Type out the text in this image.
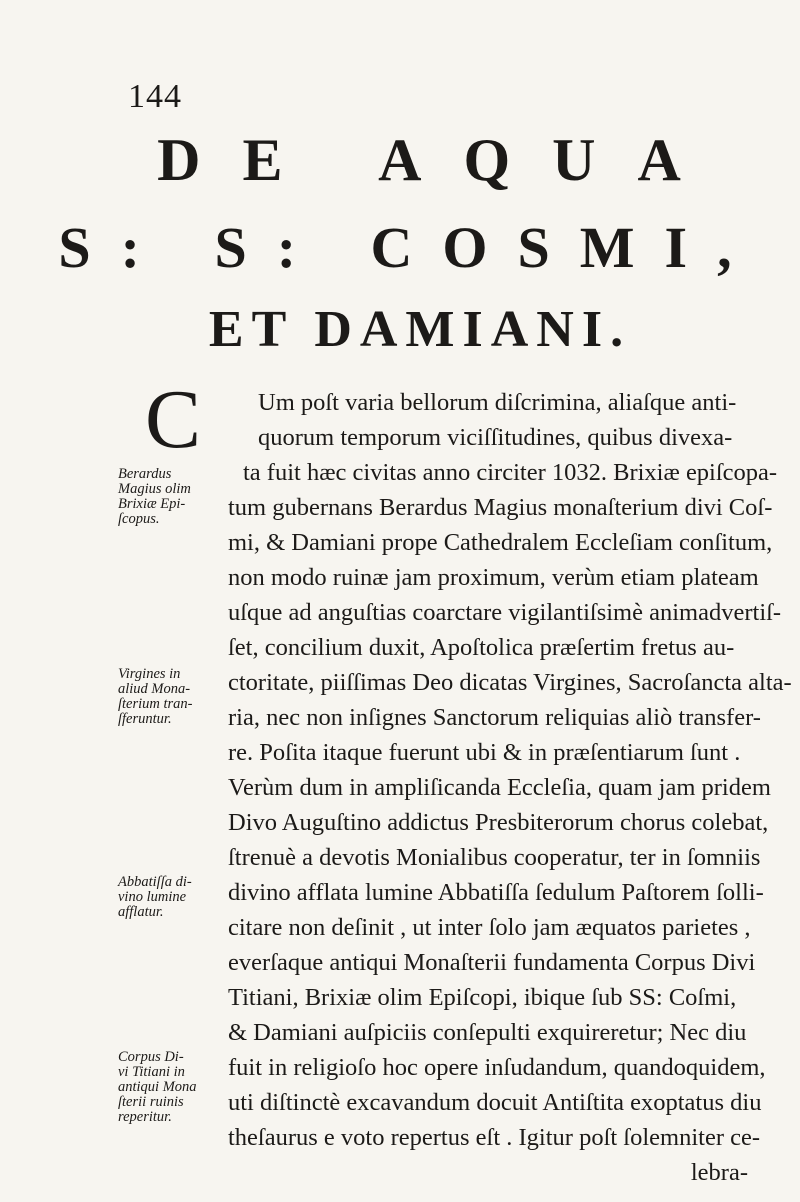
144
DE AQUA
S: S: COSMI,
ET DAMIANI.
C	Um poſt varia bellorum diſcrimina, aliaſque anti-
quorum temporum viciſſitudines, quibus divexa-
ta fuit hæc civitas anno circiter 1032. Brixiæ epiſcopa-
tum gubernans Berardus Magius monaſterium divi Coſ-
mi, & Damiani prope Cathedralem Eccleſiam conſitum,
non modo ruinæ jam proximum, verùm etiam plateam
uſque ad anguſtias coarctare vigilantiſsimè animadvertiſ-
ſet, concilium duxit, Apoſtolica præſertim fretus au-
ctoritate, piiſſimas Deo dicatas Virgines, Sacroſancta alta-
ria, nec non inſignes Sanctorum reliquias aliò transfer-
re. Poſita itaque fuerunt ubi & in præſentiarum ſunt .
Verùm dum in ampliſicanda Eccleſia, quam jam pridem
Divo Auguſtino addictus Presbiterorum chorus colebat,
ſtrenuè a devotis Monialibus cooperatur, ter in ſomniis
divino afflata lumine Abbatiſſa ſedulum Paſtorem ſolli-
citare non deſinit , ut inter ſolo jam æquatos parietes ,
everſaque antiqui Monaſterii fundamenta Corpus Divi
Titiani, Brixiæ olim Epiſcopi, ibique ſub SS: Coſmi,
& Damiani auſpiciis conſepulti exquireretur; Nec diu
fuit in religioſo hoc opere inſudandum, quandoquidem,
uti diſtinctè excavandum docuit Antiſtita exoptatus diu
theſaurus e voto repertus eſt . Igitur poſt ſolemniter ce-
lebra-
Berardus
Magius olim
Brixiæ Epi-
ſcopus.
Virgines in
aliud Mona-
ſterium tran-
ſferuntur.
Abbatiſſa di-
vino lumine
afflatur.
Corpus Di-
vi Titiani in
antiqui Mona
ſterii ruinis
reperitur.
